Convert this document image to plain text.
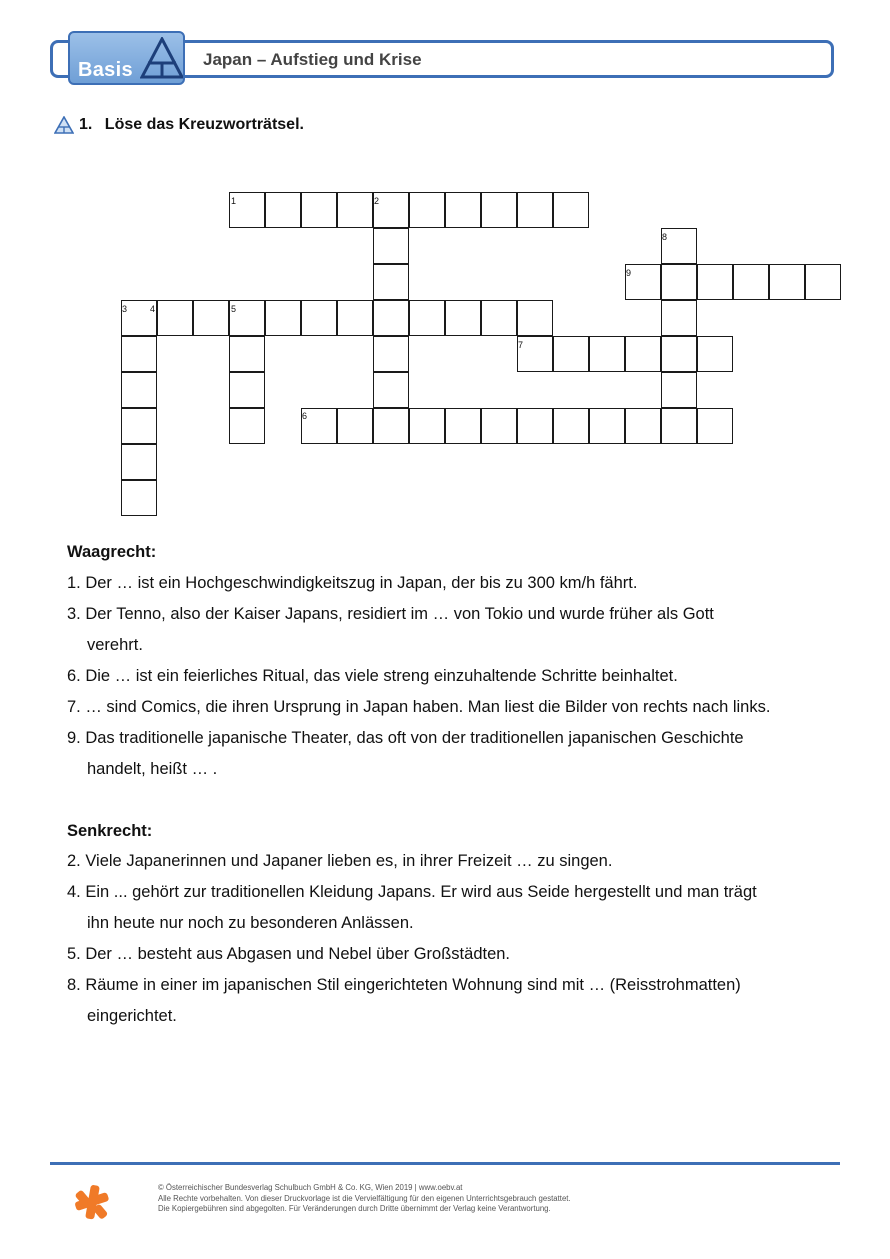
Basis	Japan – Aufstieg und Krise
1.  Löse das Kreuzworträtsel.
1	2
3	4	5
6
7
8
9
Waagrecht:
1. Der … ist ein Hochgeschwindigkeitszug in Japan, der bis zu 300 km/h fährt.
3. Der Tenno, also der Kaiser Japans, residiert im … von Tokio und wurde früher als Gott
verehrt.
6. Die … ist ein feierliches Ritual, das viele streng einzuhaltende Schritte beinhaltet.
7. … sind Comics, die ihren Ursprung in Japan haben. Man liest die Bilder von rechts nach links.
9. Das traditionelle japanische Theater, das oft von der traditionellen japanischen Geschichte
handelt, heißt … .
Senkrecht:
2. Viele Japanerinnen und Japaner lieben es, in ihrer Freizeit … zu singen.
4. Ein ... gehört zur traditionellen Kleidung Japans. Er wird aus Seide hergestellt und man trägt
ihn heute nur noch zu besonderen Anlässen.
5. Der … besteht aus Abgasen und Nebel über Großstädten.
8. Räume in einer im japanischen Stil eingerichteten Wohnung sind mit … (Reisstrohmatten)
eingerichtet.
© Österreichischer Bundesverlag Schulbuch GmbH & Co. KG, Wien 2019 | www.oebv.at
Alle Rechte vorbehalten. Von dieser Druckvorlage ist die Vervielfältigung für den eigenen Unterrichtsgebrauch gestattet.
Die Kopiergebühren sind abgegolten. Für Veränderungen durch Dritte übernimmt der Verlag keine Verantwortung.
